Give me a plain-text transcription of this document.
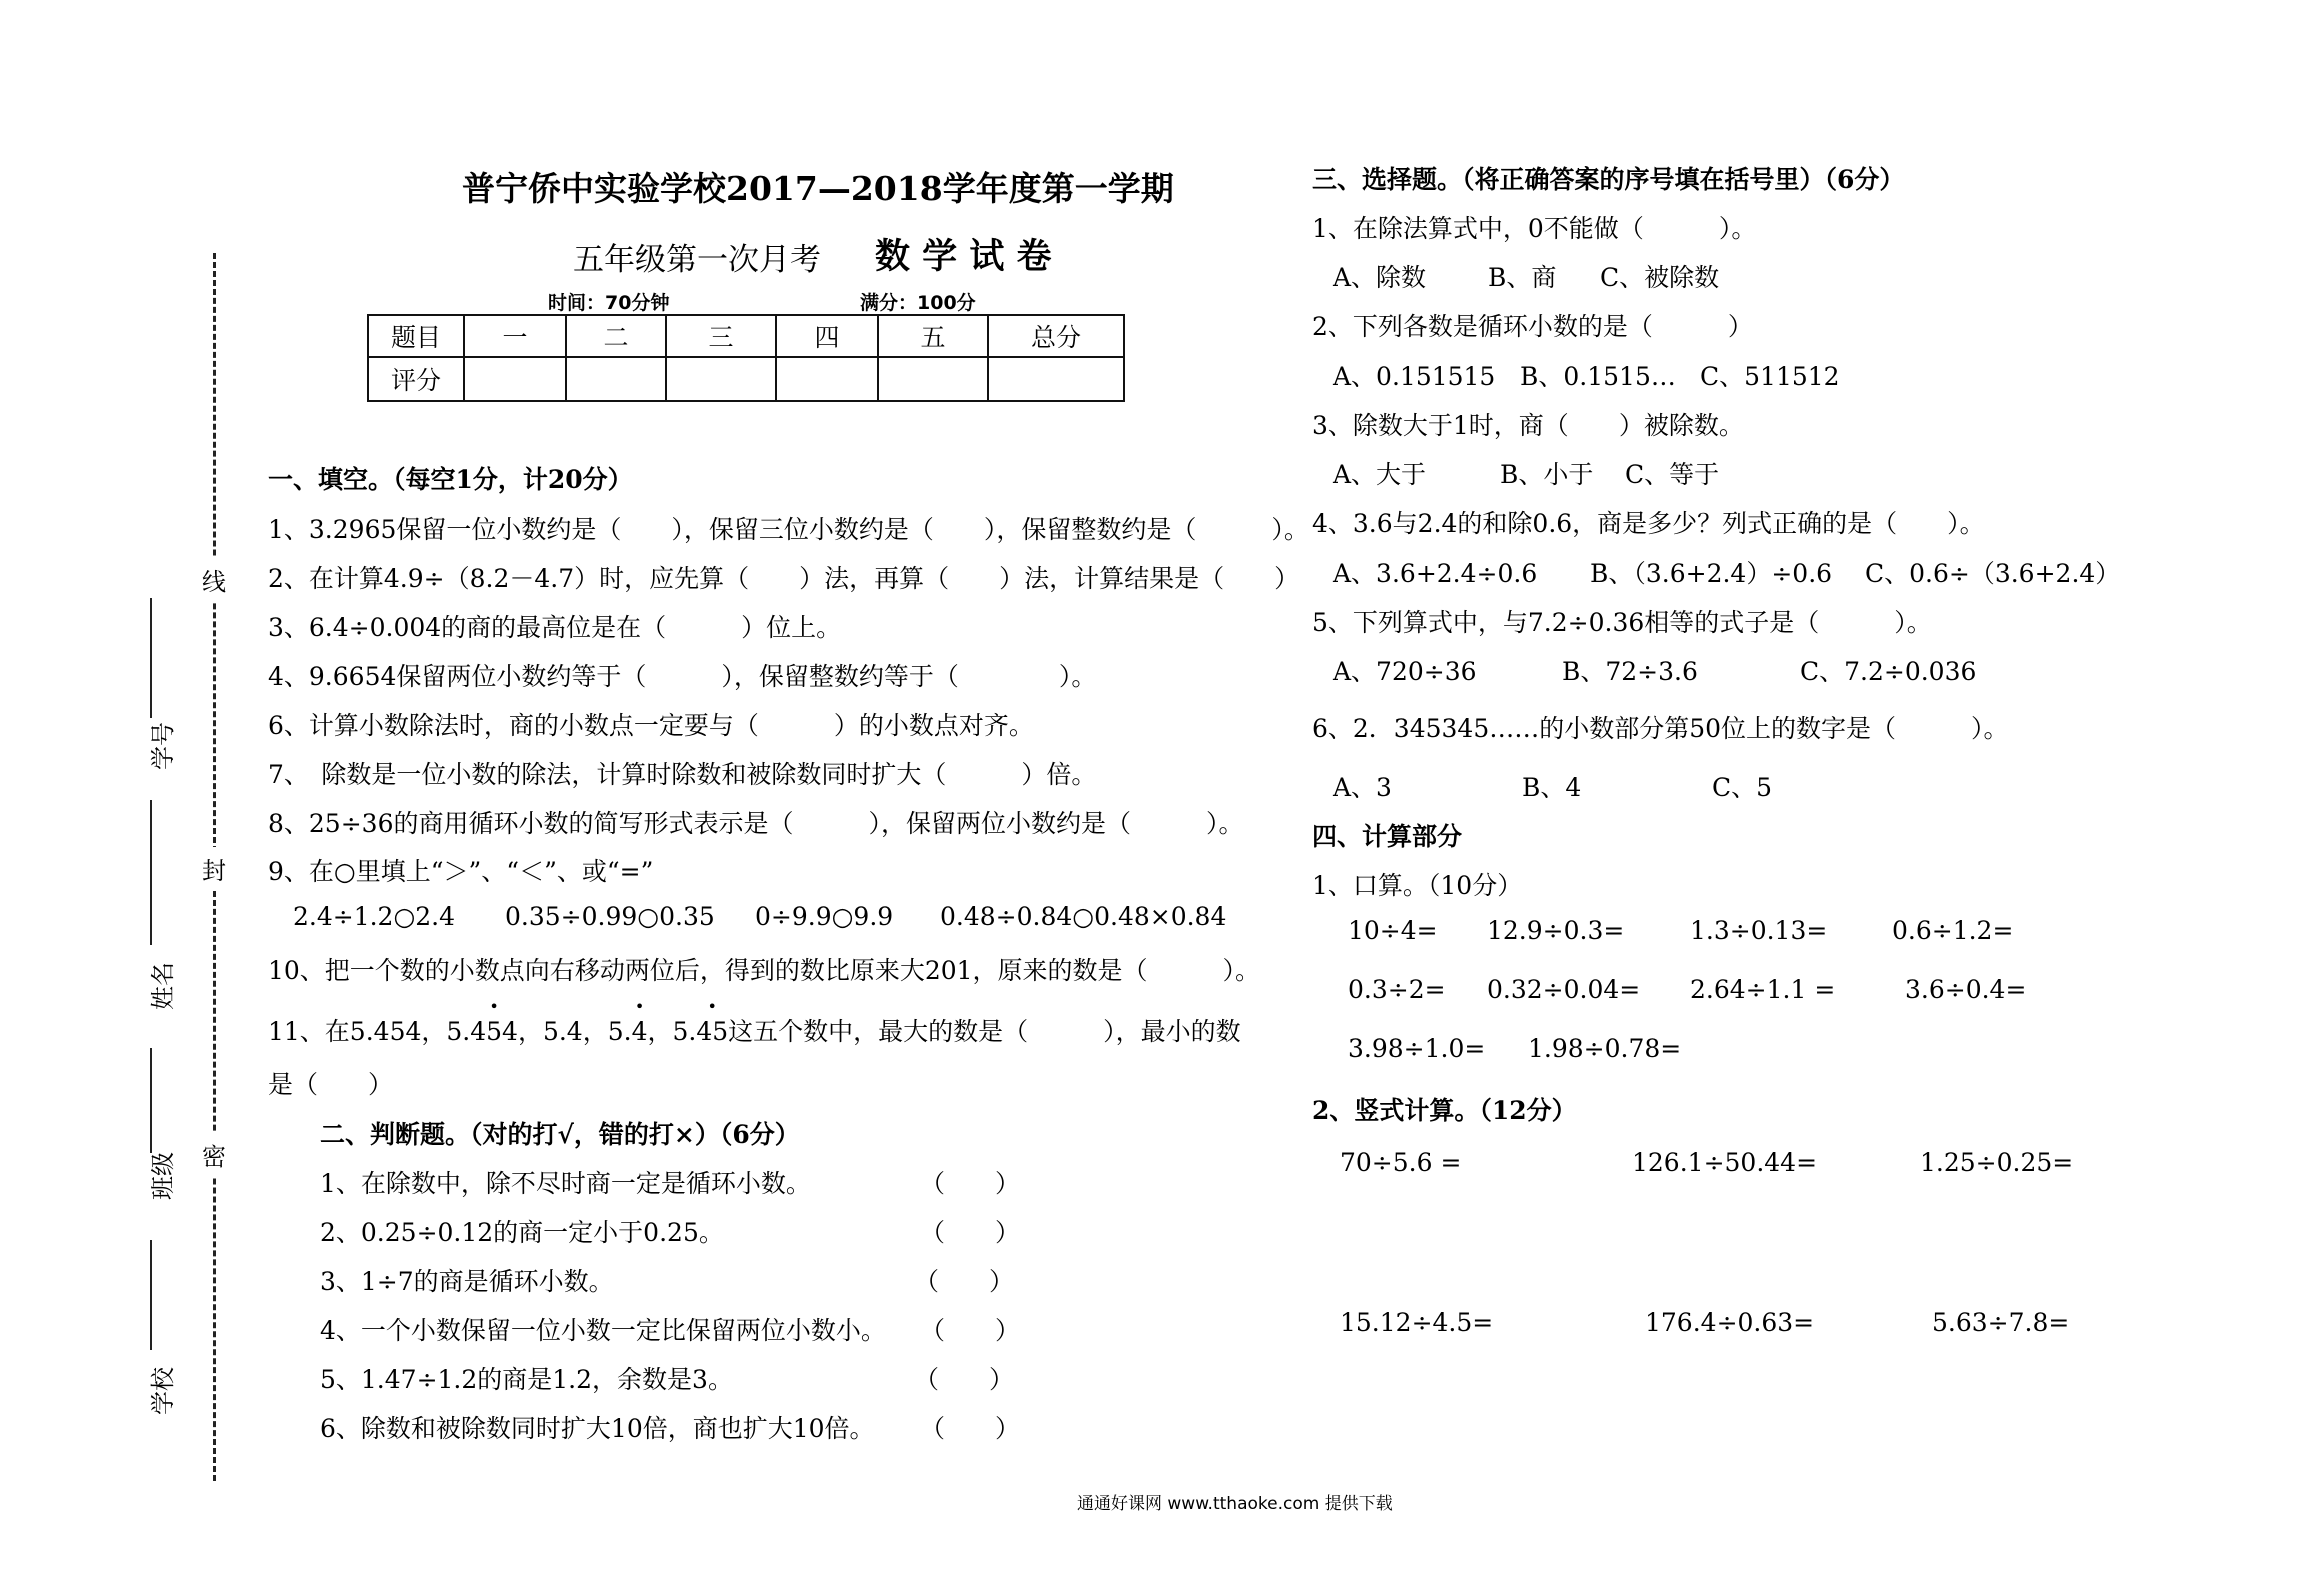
线
封
密
学号
姓名
班级
学校
普宁侨中实验学校2017—2018学年度第一学期
五年级第一次月考 数 学 试 卷
时间：70分钟	满分：100分
题目	一	二	三	四	五	总分
评分						
一、填空。（每空1分，计20分）
1、3.2965保留一位小数约是（　　），保留三位小数约是（　　），保留整数约是（　　　）。
2、在计算4.9÷（8.2－4.7）时，应先算（　　）法，再算（　　）法，计算结果是（　　）
3、6.4÷0.004的商的最高位是在（　　　）位上。
4、9.6654保留两位小数约等于（　　　），保留整数约等于（　　　　）。
6、计算小数除法时，商的小数点一定要与（　　　）的小数点对齐。
7、　除数是一位小数的除法，计算时除数和被除数同时扩大（　　　）倍。
8、25÷36的商用循环小数的简写形式表示是（　　　），保留两位小数约是（　　　）。
9、在○里填上“＞”、“＜”、或“=”
2.4÷1.2○2.4 0.35÷0.99○0.35 0÷9.9○9.9 0.48÷0.84○0.48×0.84
10、把一个数的小数点向右移动两位后，得到的数比原来大201，原来的数是（　　　）。
11、在5.454，5.• 454，5.4，5.• 4，5.• 45这五个数中，最大的数是（　　　），最小的数
是（　　）
二、判断题。（对的打√，错的打×）（6分）
1、在除数中，除不尽时商一定是循环小数。	（　　）
2、0.25÷0.12的商一定小于0.25。	（　　）
3、1÷7的商是循环小数。	（　　）
4、一个小数保留一位小数一定比保留两位小数小。 （　　）
5、1.47÷1.2的商是1.2，余数是3。	（　　）
6、除数和被除数同时扩大10倍，商也扩大10倍。 （　　）
三、选择题。（将正确答案的序号填在括号里）（6分）
1、在除法算式中，0不能做（　　　）。
A、除数 B、商 C、被除数
2、下列各数是循环小数的是（　　　）
A、0.151515 B、0.1515… C、511512
3、除数大于1时，商（　　）被除数。
A、大于	B、小于 C、等于
4、3.6与2.4的和除0.6，商是多少？列式正确的是（　　）。
A、3.6+2.4÷0.6 B、（3.6+2.4）÷0.6 C、0.6÷（3.6+2.4）
5、下列算式中，与7.2÷0.36相等的式子是（　　　）。
A、720÷36	B、72÷3.6	C、7.2÷0.036
6、2．345345……的小数部分第50位上的数字是（　　　）。
A、3	B、4	C、5
四、计算部分
1、口算。（10分）
10÷4= 12.9÷0.3=	1.3÷0.13=	0.6÷1.2=
0.3÷2= 0.32÷0.04= 2.64÷1.1 =	3.6÷0.4=
3.98÷1.0= 1.98÷0.78=
2、竖式计算。（12分）
70÷5.6 =	126.1÷50.44=	1.25÷0.25=
15.12÷4.5=	176.4÷0.63=	5.63÷7.8=
通通好课网 www.tthaoke.com 提供下载
